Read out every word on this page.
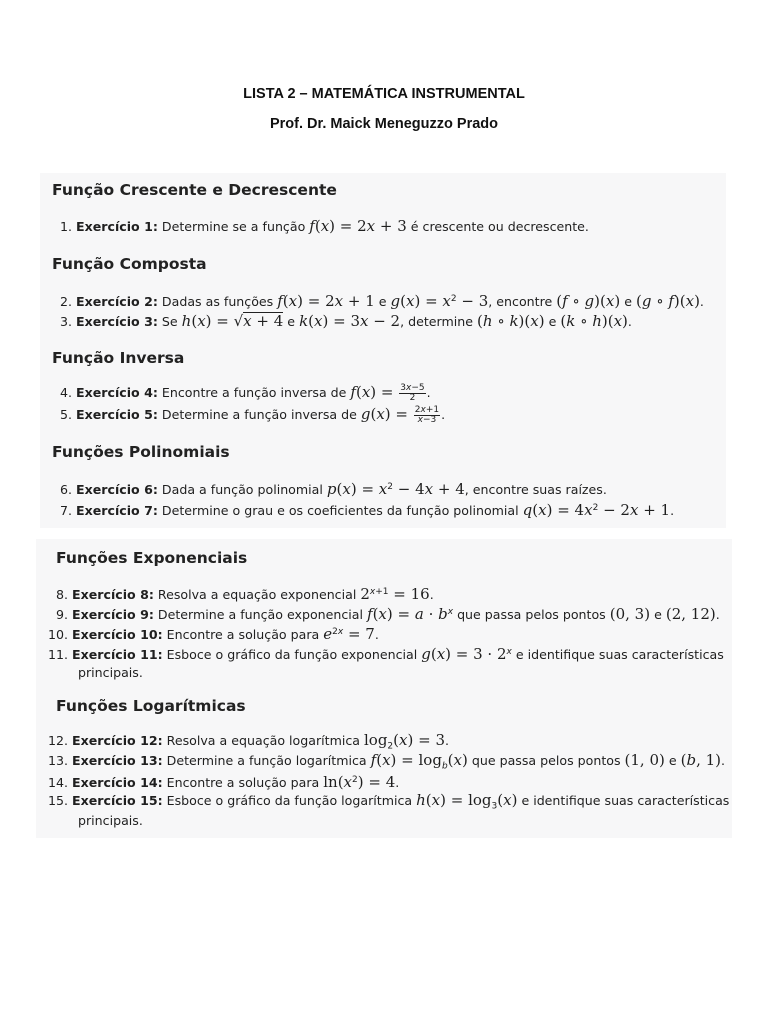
LISTA 2 – MATEMÁTICA INSTRUMENTAL
Prof. Dr. Maick Meneguzzo Prado
Função Crescente e Decrescente
1. Exercício 1: Determine se a função f(x) = 2x + 3 é crescente ou decrescente.
Função Composta
2. Exercício 2: Dadas as funções f(x) = 2x + 1 e $g(x) = x^2 - 3$, encontre (f ∘ g)(x) e (g ∘ f)(x).
3. Exercício 3: Se h(x) = √x + 4 e k(x) = 3x − 2, determine (h ∘ k)(x) e (k ∘ h)(x).
Função Inversa
4. Exercício 4: Encontre a função inversa de $f(x) = \frac{3x-5}{2}$ .
5. Exercício 5: Determine a função inversa de $g(x) = \frac{2x+1}{x-3}$ .
Funções Polinomiais
6. Exercício 6: Dada a função polinomial $p(x) = x^2 - 4x + 4$, encontre suas raízes.
7. Exercício 7: Determine o grau e os coeficientes da função polinomial $q(x) = 4x^2 - 2x + 1$.
Funções Exponenciais
8. Exercício 8: Resolva a equação exponencial $2^{x+1} = 16$.
9. Exercício 9: Determine a função exponencial $f(x) = a \cdot b^x$ que passa pelos pontos (0, 3) e (2, 12).
10. Exercício 10: Encontre a solução para $e^{2x} = 7$.
11. Exercício 11: Esboce o gráfico da função exponencial $g(x) = 3 \cdot 2^x$ e identifique suas características
principais.
Funções Logarítmicas
12. Exercício 12: Resolva a equação logarítmica $\log_2(x) = 3$.
13. Exercício 13: Determine a função logarítmica $f(x) = \log_b(x)$ que passa pelos pontos (1, 0) e (b, 1).
14. Exercício 14: Encontre a solução para $\ln(x^2) = 4$.
15. Exercício 15: Esboce o gráfico da função logarítmica $h(x) = \log_3(x)$ e identifique suas características
principais.
